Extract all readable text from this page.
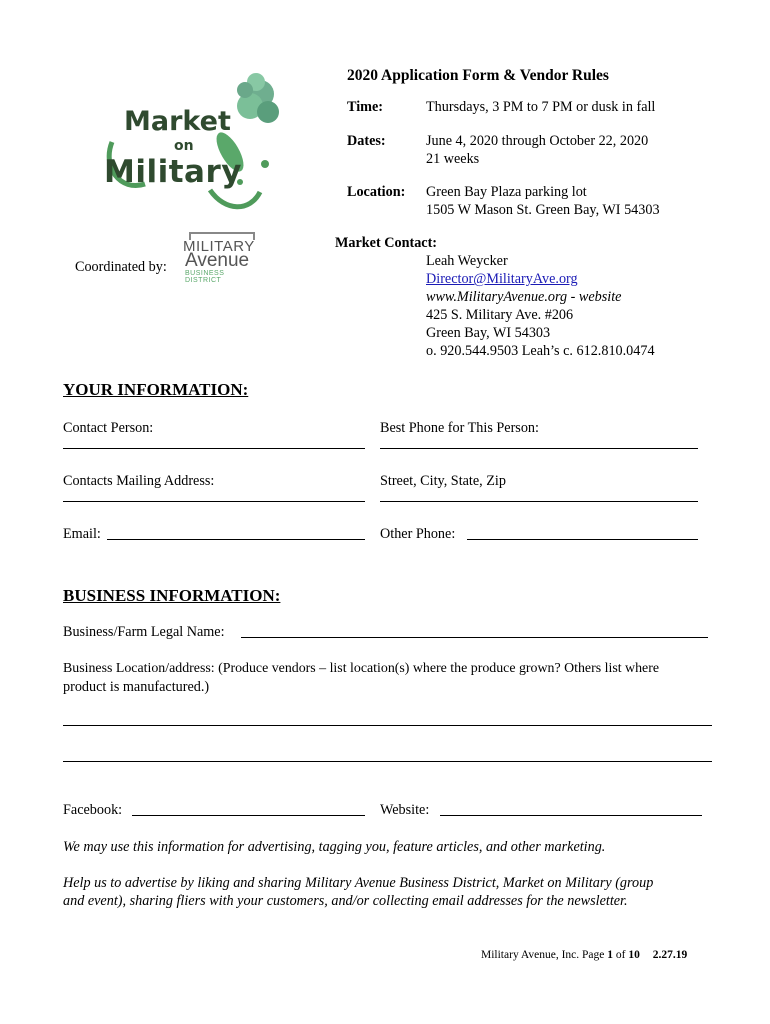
Market
on
Military
Coordinated by:
MILITARY
Avenue
BUSINESS DISTRICT
2020 Application Form & Vendor Rules
Time:	Thursdays, 3 PM to 7 PM or dusk in fall
Dates:	June 4, 2020 through October 22, 2020
21 weeks
Location: Green Bay Plaza parking lot
1505 W Mason St. Green Bay, WI 54303
Market Contact:
Leah Weycker
Director@MilitaryAve.org
www.MilitaryAvenue.org - website
425 S. Military Ave. #206
Green Bay, WI 54303
o. 920.544.9503 Leah’s c. 612.810.0474
YOUR INFORMATION:
Contact Person:	Best Phone for This Person:
Contacts Mailing Address:	Street, City, State, Zip
Email:	Other Phone:
BUSINESS INFORMATION:
Business/Farm Legal Name:
Business Location/address: (Produce vendors – list location(s) where the produce grown? Others list where
product is manufactured.)
Facebook:	Website:
We may use this information for advertising, tagging you, feature articles, and other marketing.
Help us to advertise by liking and sharing Military Avenue Business District, Market on Military (group
and event), sharing fliers with your customers, and/or collecting email addresses for the newsletter.
Military Avenue, Inc. Page 1 of 10 2.27.19
